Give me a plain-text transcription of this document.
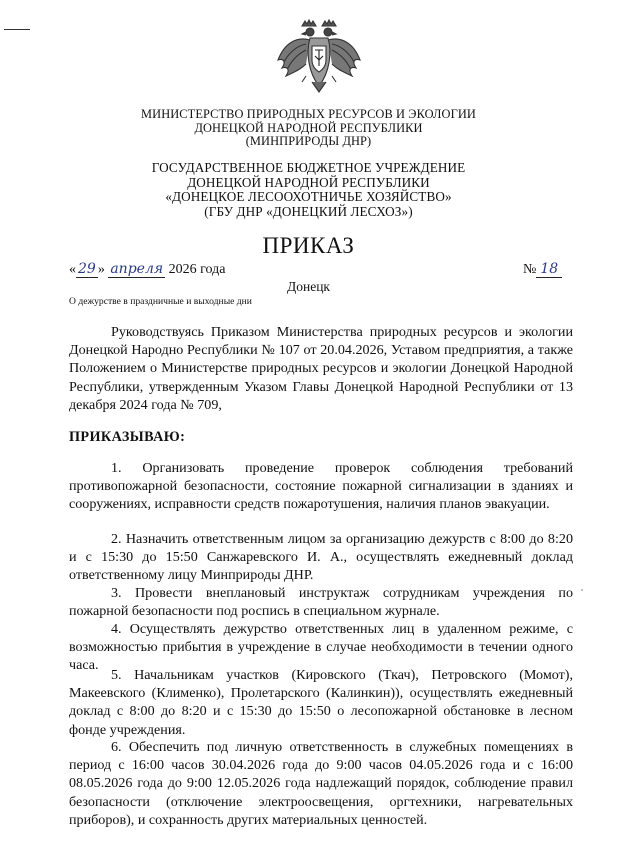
МИНИСТЕРСТВО ПРИРОДНЫХ РЕСУРСОВ И ЭКОЛОГИИ
ДОНЕЦКОЙ НАРОДНОЙ РЕСПУБЛИКИ
(МИНПРИРОДЫ ДНР)
ГОСУДАРСТВЕННОЕ БЮДЖЕТНОЕ УЧРЕЖДЕНИЕ
ДОНЕЦКОЙ НАРОДНОЙ РЕСПУБЛИКИ
«ДОНЕЦКОЕ ЛЕСООХОТНИЧЬЕ ХОЗЯЙСТВО»
(ГБУ ДНР «ДОНЕЦКИЙ ЛЕСХОЗ»)
ПРИКАЗ
« 29 » апреля 2026 года	№ 18
Донецк
О дежурстве в праздничные и выходные дни

Руководствуясь Приказом Министерства природных ресурсов и экологии Донецкой Народно Республики № 107 от 20.04.2026, Уставом предприятия, а также Положением о Министерстве природных ресурсов и экологии Донецкой Народной Республики, утвержденным Указом Главы Донецкой Народной Республики от 13 декабря 2024 года № 709,

ПРИКАЗЫВАЮ:

1. Организовать проведение проверок соблюдения требований противопожарной безопасности, состояние пожарной сигнализации в зданиях и сооружениях, исправности средств пожаротушения, наличия планов эвакуации.

2. Назначить ответственным лицом за организацию дежурств с 8:00 до 8:20 и с 15:30 до 15:50 Санжаревского И. А., осуществлять ежедневный доклад ответственному лицу Минприроды ДНР.

3. Провести внеплановый инструктаж сотрудникам учреждения по пожарной безопасности под роспись в специальном журнале.

4. Осуществлять дежурство ответственных лиц в удаленном режиме, с возможностью прибытия в учреждение в случае необходимости в течении одного часа.

5. Начальникам участков (Кировского (Ткач), Петровского (Момот), Макеевского (Клименко), Пролетарского (Калинкин)), осуществлять ежедневный доклад с 8:00 до 8:20 и с 15:30 до 15:50 о лесопожарной обстановке в лесном фонде учреждения.

6. Обеспечить под личную ответственность в служебных помещениях в период с 16:00 часов 30.04.2026 года до 9:00 часов 04.05.2026 года и с 16:00 08.05.2026 года до 9:00 12.05.2026 года надлежащий порядок, соблюдение правил безопасности (отключение электроосвещения, оргтехники, нагревательных приборов), и сохранность других материальных ценностей.
